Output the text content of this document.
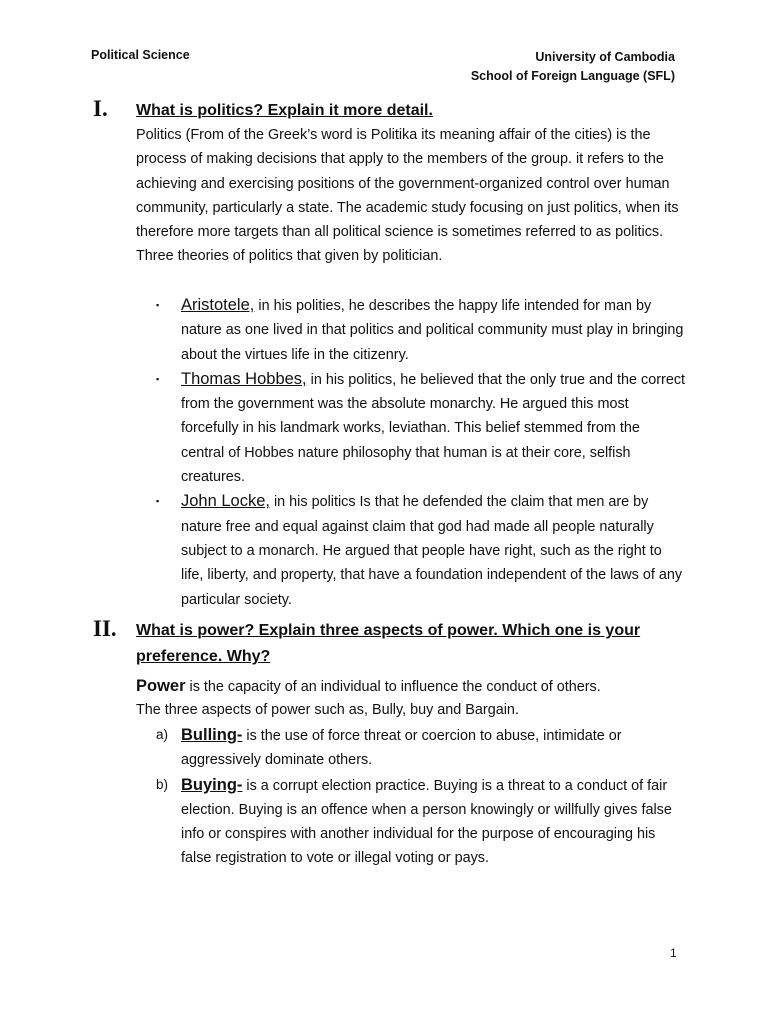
Political Science	University of Cambodia
School of Foreign Language (SFL)
I. What is politics? Explain it more detail.
Politics (From of the Greek’s word is Politika its meaning affair of the cities) is the process of making decisions that apply to the members of the group. it refers to the achieving and exercising positions of the government-organized control over human community, particularly a state. The academic study focusing on just politics, when its therefore more targets than all political science is sometimes referred to as politics. Three theories of politics that given by politician.
▪ Aristotele, in his polities, he describes the happy life intended for man by nature as one lived in that politics and political community must play in bringing about the virtues life in the citizenry.
▪ Thomas Hobbes, in his politics, he believed that the only true and the correct from the government was the absolute monarchy. He argued this most forcefully in his landmark works, leviathan. This belief stemmed from the central of Hobbes nature philosophy that human is at their core, selfish creatures.
▪ John Locke, in his politics Is that he defended the claim that men are by nature free and equal against claim that god had made all people naturally subject to a monarch. He argued that people have right, such as the right to life, liberty, and property, that have a foundation independent of the laws of any particular society.
II. What is power? Explain three aspects of power. Which one is your preference. Why?
Power is the capacity of an individual to influence the conduct of others.
The three aspects of power such as, Bully, buy and Bargain.
a) Bulling- is the use of force threat or coercion to abuse, intimidate or aggressively dominate others.
b) Buying- is a corrupt election practice. Buying is a threat to a conduct of fair election. Buying is an offence when a person knowingly or willfully gives false info or conspires with another individual for the purpose of encouraging his false registration to vote or illegal voting or pays.
1
